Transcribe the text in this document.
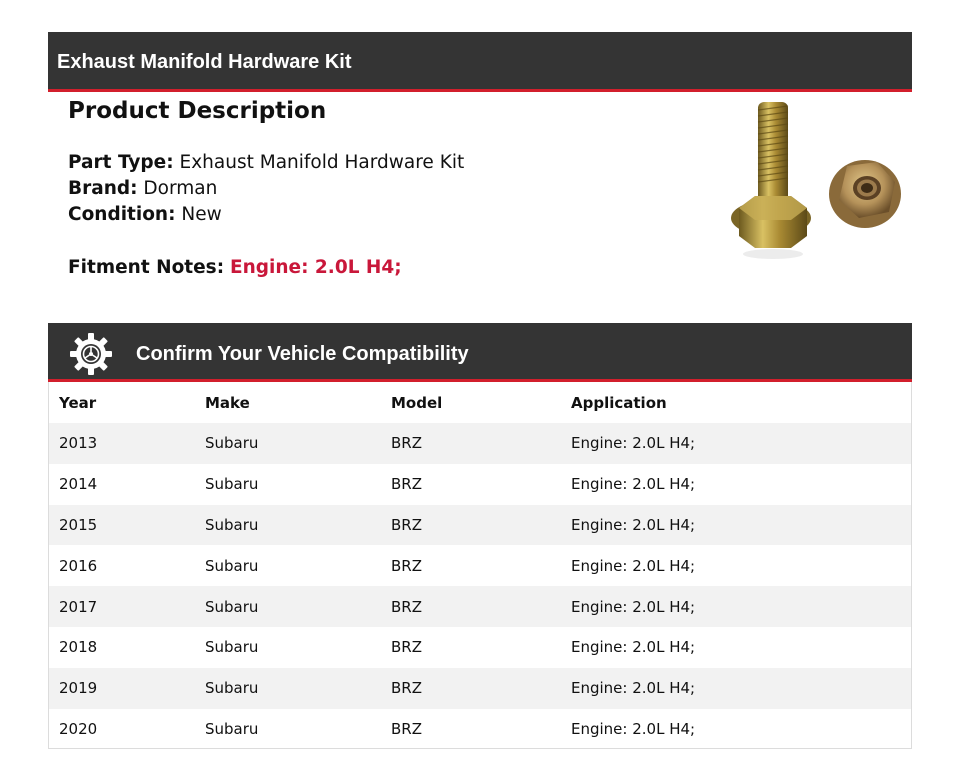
Exhaust Manifold Hardware Kit
Product Description
Part Type: Exhaust Manifold Hardware Kit
Brand: Dorman
Condition: New
Fitment Notes: Engine: 2.0L H4;
Confirm Your Vehicle Compatibility
Year	Make	Model	Application
2013	Subaru	BRZ	Engine: 2.0L H4;
2014	Subaru	BRZ	Engine: 2.0L H4;
2015	Subaru	BRZ	Engine: 2.0L H4;
2016	Subaru	BRZ	Engine: 2.0L H4;
2017	Subaru	BRZ	Engine: 2.0L H4;
2018	Subaru	BRZ	Engine: 2.0L H4;
2019	Subaru	BRZ	Engine: 2.0L H4;
2020	Subaru	BRZ	Engine: 2.0L H4;
